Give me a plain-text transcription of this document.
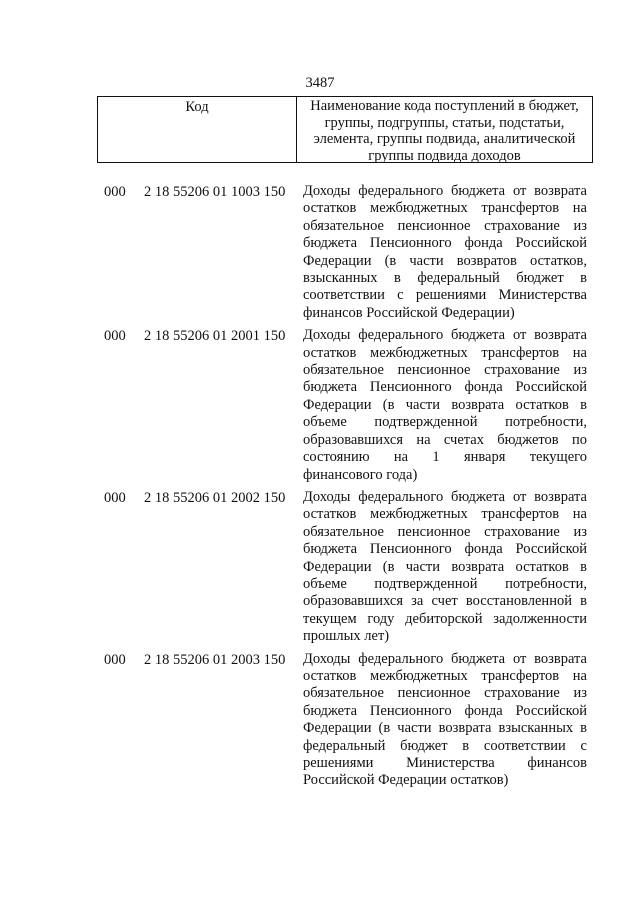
3487
Код	Наименование кода поступлений в бюджет, группы, подгруппы, статьи, подстатьи, элемента, группы подвида, аналитической группы подвида доходов
000 2 18 55206 01 1003 150 Доходы федерального бюджета от возврата остатков межбюджетных трансфертов на обязательное пенсионное страхование из бюджета Пенсионного фонда Российской Федерации (в части возвратов остатков, взысканных в федеральный бюджет в соответствии с решениями Министерства финансов Российской Федерации)
000 2 18 55206 01 2001 150 Доходы федерального бюджета от возврата остатков межбюджетных трансфертов на обязательное пенсионное страхование из бюджета Пенсионного фонда Российской Федерации (в части возврата остатков в объеме подтвержденной потребности, образовавшихся на счетах бюджетов по состоянию на 1 января текущего финансового года)
000 2 18 55206 01 2002 150 Доходы федерального бюджета от возврата остатков межбюджетных трансфертов на обязательное пенсионное страхование из бюджета Пенсионного фонда Российской Федерации (в части возврата остатков в объеме подтвержденной потребности, образовавшихся за счет восстановленной в текущем году дебиторской задолженности прошлых лет)
000 2 18 55206 01 2003 150 Доходы федерального бюджета от возврата остатков межбюджетных трансфертов на обязательное пенсионное страхование из бюджета Пенсионного фонда Российской Федерации (в части возврата взысканных в федеральный бюджет в соответствии с решениями Министерства финансов Российской Федерации остатков)
